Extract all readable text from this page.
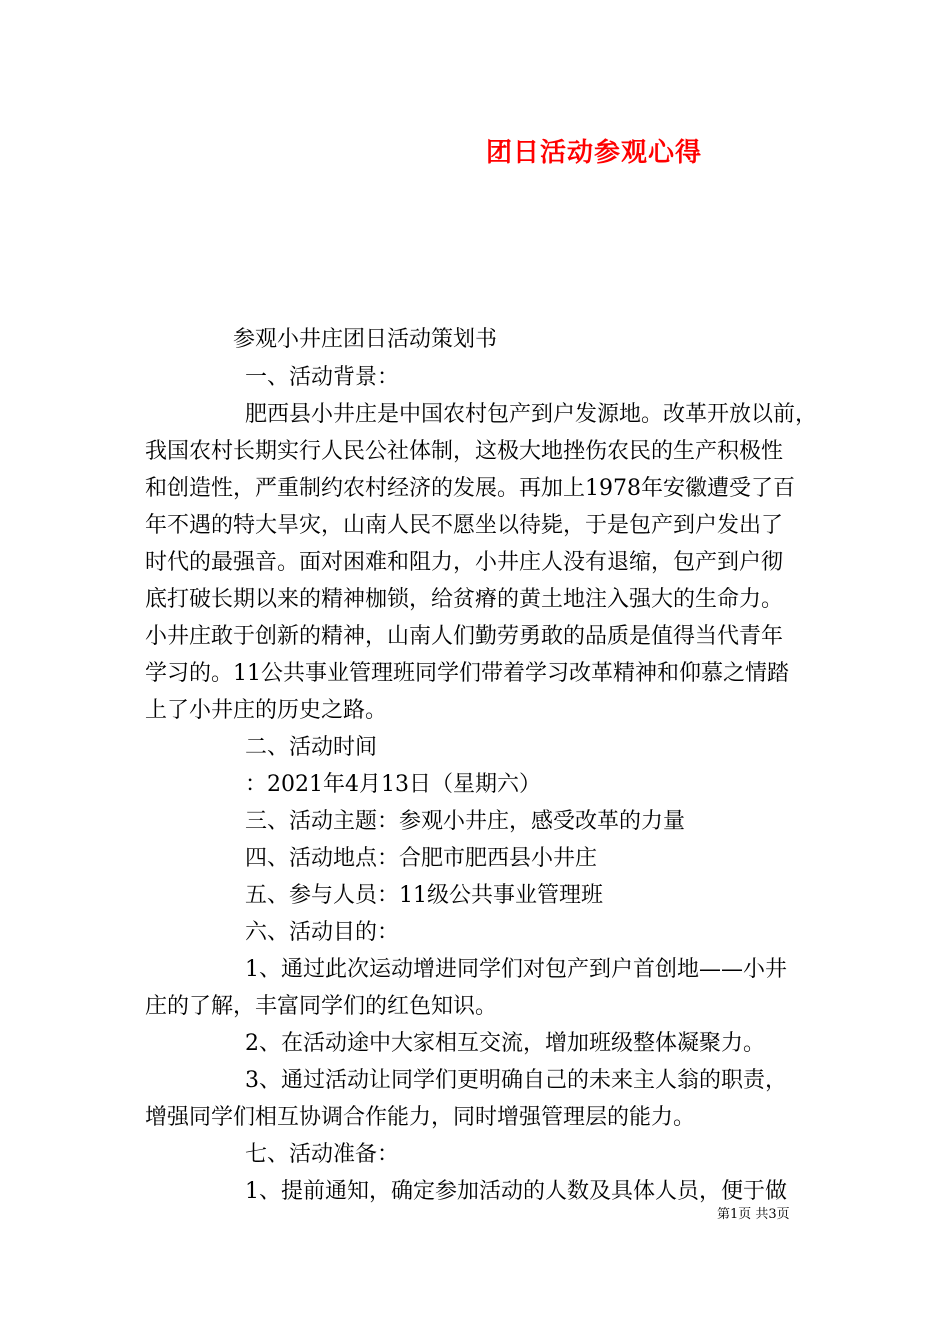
团日活动参观心得
参观小井庄团日活动策划书
一、活动背景：
肥西县小井庄是中国农村包产到户发源地。改革开放以前，
我国农村长期实行人民公社体制，这极大地挫伤农民的生产积极性
和创造性，严重制约农村经济的发展。再加上1978年安徽遭受了百
年不遇的特大旱灾，山南人民不愿坐以待毙，于是包产到户发出了
时代的最强音。面对困难和阻力，小井庄人没有退缩，包产到户彻
底打破长期以来的精神枷锁，给贫瘠的黄土地注入强大的生命力。
小井庄敢于创新的精神，山南人们勤劳勇敢的品质是值得当代青年
学习的。11公共事业管理班同学们带着学习改革精神和仰慕之情踏
上了小井庄的历史之路。
二、活动时间
：2021年4月13日（星期六）
三、活动主题：参观小井庄，感受改革的力量
四、活动地点：合肥市肥西县小井庄
五、参与人员：11级公共事业管理班
六、活动目的：
1、通过此次运动增进同学们对包产到户首创地——小井
庄的了解，丰富同学们的红色知识。
2、在活动途中大家相互交流，增加班级整体凝聚力。
3、通过活动让同学们更明确自己的未来主人翁的职责，
增强同学们相互协调合作能力，同时增强管理层的能力。
七、活动准备：
1、提前通知，确定参加活动的人数及具体人员，便于做
第1页 共3页
